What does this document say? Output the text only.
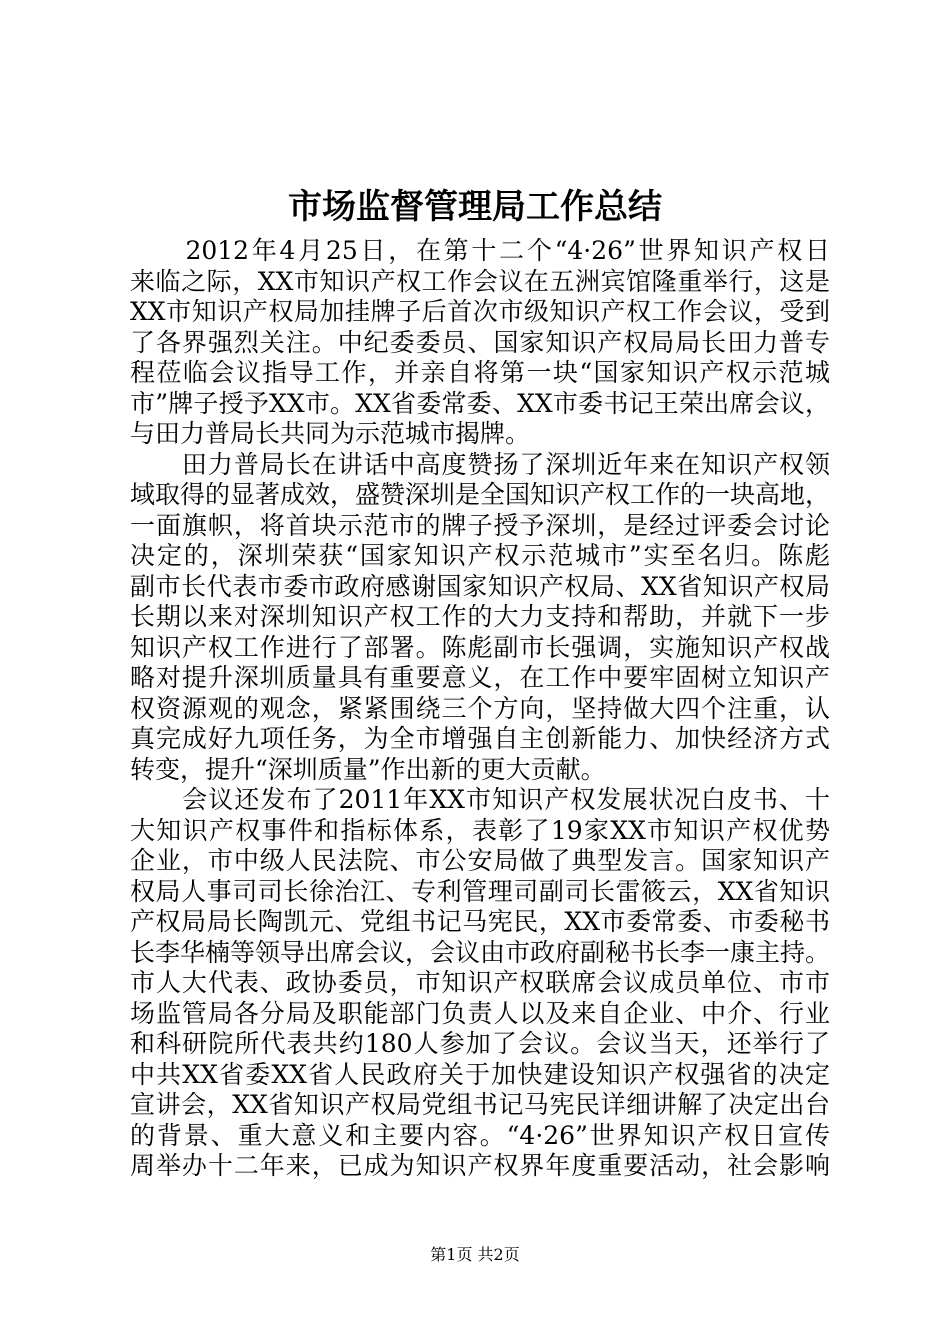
市场监督管理局工作总结
　　2012年4月25日，在第十二个“4·26”世界知识产权日
来临之际，XX市知识产权工作会议在五洲宾馆隆重举行，这是
XX市知识产权局加挂牌子后首次市级知识产权工作会议，受到
了各界强烈关注。中纪委委员、国家知识产权局局长田力普专
程莅临会议指导工作，并亲自将第一块“国家知识产权示范城
市”牌子授予XX市。XX省委常委、XX市委书记王荣出席会议，
与田力普局长共同为示范城市揭牌。
　　田力普局长在讲话中高度赞扬了深圳近年来在知识产权领
域取得的显著成效，盛赞深圳是全国知识产权工作的一块高地，
一面旗帜，将首块示范市的牌子授予深圳，是经过评委会讨论
决定的，深圳荣获“国家知识产权示范城市”实至名归。陈彪
副市长代表市委市政府感谢国家知识产权局、XX省知识产权局
长期以来对深圳知识产权工作的大力支持和帮助，并就下一步
知识产权工作进行了部署。陈彪副市长强调，实施知识产权战
略对提升深圳质量具有重要意义，在工作中要牢固树立知识产
权资源观的观念，紧紧围绕三个方向，坚持做大四个注重，认
真完成好九项任务，为全市增强自主创新能力、加快经济方式
转变，提升“深圳质量”作出新的更大贡献。
　　会议还发布了2011年XX市知识产权发展状况白皮书、十
大知识产权事件和指标体系，表彰了19家XX市知识产权优势
企业，市中级人民法院、市公安局做了典型发言。国家知识产
权局人事司司长徐治江、专利管理司副司长雷筱云，XX省知识
产权局局长陶凯元、党组书记马宪民，XX市委常委、市委秘书
长李华楠等领导出席会议，会议由市政府副秘书长李一康主持。
市人大代表、政协委员，市知识产权联席会议成员单位、市市
场监管局各分局及职能部门负责人以及来自企业、中介、行业
和科研院所代表共约180人参加了会议。会议当天，还举行了
中共XX省委XX省人民政府关于加快建设知识产权强省的决定
宣讲会，XX省知识产权局党组书记马宪民详细讲解了决定出台
的背景、重大意义和主要内容。“4·26”世界知识产权日宣传
周举办十二年来，已成为知识产权界年度重要活动，社会影响
第1页 共2页
